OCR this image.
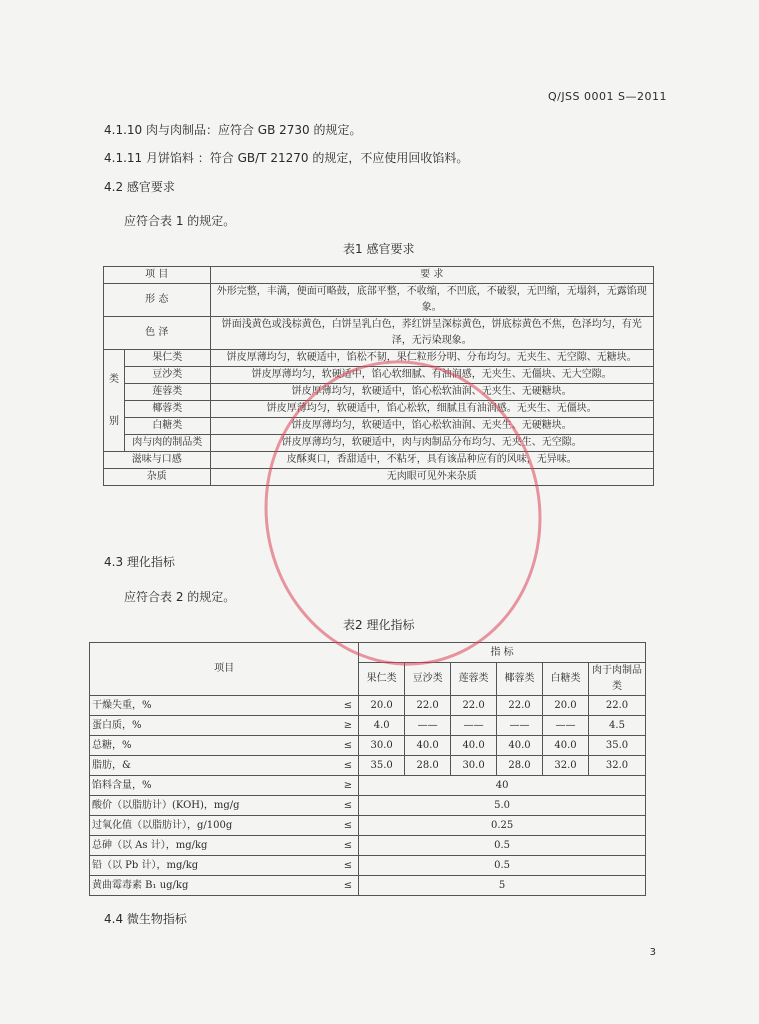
Q/JSS 0001 S—2011
4.1.10 肉与肉制品：应符合 GB 2730 的规定。
4.1.11 月饼馅料 ：符合 GB/T 21270 的规定，不应使用回收馅料。
4.2 感官要求
应符合表 1 的规定。
表1 感官要求
项 目		要 求
形 态		外形完整，丰满，便面可略鼓，底部平整，不收缩，不凹底，不破裂，无凹缩，无塌斜，无露馅现象。
色 泽		饼面浅黄色或浅棕黄色，白饼呈乳白色，荞红饼呈深棕黄色，饼底棕黄色不焦，色泽均匀，有光泽，无污染现象。
类

别	果仁类	饼皮厚薄均匀，软硬适中，馅松不韧，果仁粒形分明、分布均匀。无夹生、无空隙、无糖块。
	豆沙类	饼皮厚薄均匀，软硬适中，馅心软细腻、有油润感，无夹生、无僵块、无大空隙。
	莲蓉类	饼皮厚薄均匀，软硬适中，馅心松软油润、无夹生、无硬糖块。
	椰蓉类	饼皮厚薄均匀，软硬适中，馅心松软，细腻且有油润感。无夹生、无僵块。
	白糖类	饼皮厚薄均匀，软硬适中，馅心松软油润、无夹生、无硬糖块。
	肉与肉的制品类	饼皮厚薄均匀，软硬适中，肉与肉制品分布均匀、无夹生、无空隙。
滋味与口感		皮酥爽口，香甜适中，不粘牙，具有该品种应有的风味，无异味。
杂质		无肉眼可见外来杂质
4.3 理化指标
应符合表 2 的规定。
表2 理化指标
项目		指 标					
		果仁类	豆沙类	莲蓉类	椰蓉类	白糖类	肉于肉制品类
干燥失重，%	≤	20.0	22.0	22.0	22.0	20.0	22.0
蛋白质，%	≥	4.0	——	——	——	——	4.5
总糖，%	≤	30.0	40.0	40.0	40.0	40.0	35.0
脂肪，&	≤	35.0	28.0	30.0	28.0	32.0	32.0
馅料含量，%	≥	40					
酸价（以脂肪计）(KOH)，mg/g	≤	5.0					
过氧化值（以脂肪计），g/100g	≤	0.25					
总砷（以 As 计），mg/kg	≤	0.5					
铅（以 Pb 计），mg/kg	≤	0.5					
黄曲霉毒素 B₁ ug/kg	≤	5					
4.4 微生物指标
3
